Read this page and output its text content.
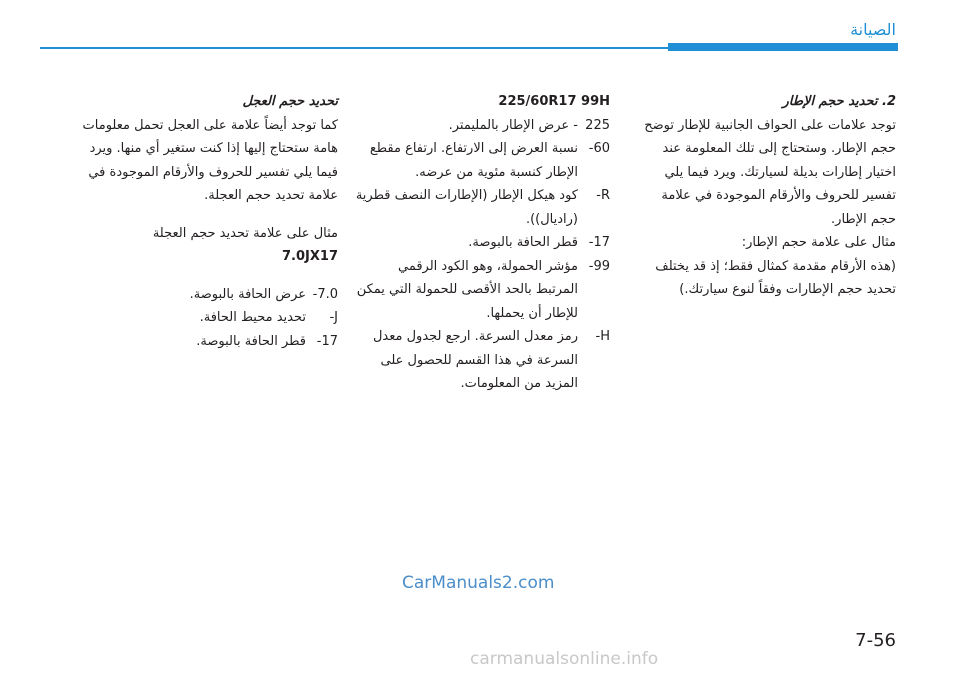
الصيانة
2. تحديد حجم الإطار

توجد علامات على الحواف الجانبية للإطار توضح حجم الإطار. وستحتاج إلى تلك المعلومة عند اختيار إطارات بديلة لسيارتك. ويرد فيما يلي تفسير للحروف والأرقام الموجودة في علامة حجم الإطار.

مثال على علامة حجم الإطار:

(هذه الأرقام مقدمة كمثال فقط؛ إذ قد يختلف تحديد حجم الإطارات وفقاً لنوع سيارتك.)

225/60R17 99H
225
- عرض الإطار بالمليمتر.
60-
نسبة العرض إلى الارتفاع. ارتفاع مقطع الإطار كنسبة مئوية من عرضه.
R-
كود هيكل الإطار (الإطارات النصف قطرية (راديال)).
17-
قطر الحافة بالبوصة.
99-
مؤشر الحمولة، وهو الكود الرقمي المرتبط بالحد الأقصى للحمولة التي يمكن للإطار أن يحملها.
H-
رمز معدل السرعة. ارجع لجدول معدل السرعة في هذا القسم للحصول على المزيد من المعلومات.
تحديد حجم العجل

كما توجد أيضاً علامة على العجل تحمل معلومات هامة ستحتاج إليها إذا كنت ستغير أي منها. ويرد فيما يلي تفسير للحروف والأرقام الموجودة في علامة تحديد حجم العجلة.

مثال على علامة تحديد حجم العجلة

7.0JX17
7.0-
عرض الحافة بالبوصة.
J-
تحديد محيط الحافة.
17-
قطر الحافة بالبوصة.
CarManuals2.com
7-56
carmanualsonline.info
